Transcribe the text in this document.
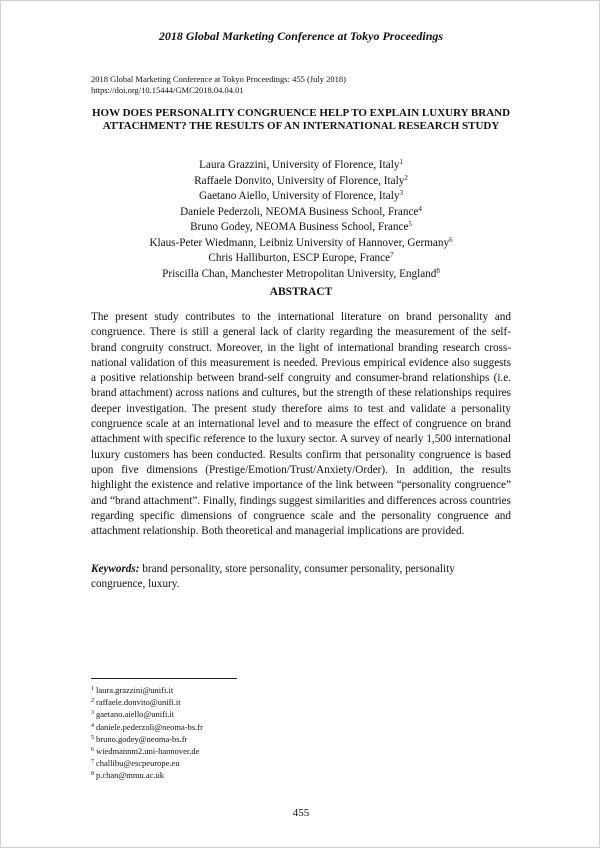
2018 Global Marketing Conference at Tokyo Proceedings
2018 Global Marketing Conference at Tokyo Proceedings: 455 (July 2018)
https://doi.org/10.15444/GMC2018.04.04.01
HOW DOES PERSONALITY CONGRUENCE HELP TO EXPLAIN LUXURY BRAND ATTACHMENT? THE RESULTS OF AN INTERNATIONAL RESEARCH STUDY
Laura Grazzini, University of Florence, Italy$^1$
Raffaele Donvito, University of Florence, Italy$^2$
Gaetano Aiello, University of Florence, Italy$^3$
Daniele Pederzoli, NEOMA Business School, France$^4$
Bruno Godey, NEOMA Business School, France$^5$
Klaus-Peter Wiedmann, Leibniz University of Hannover, Germany$^6$
Chris Halliburton, ESCP Europe, France$^7$
Priscilla Chan, Manchester Metropolitan University, England$^8$
ABSTRACT

The present study contributes to the international literature on brand personality and congruence. There is still a general lack of clarity regarding the measurement of the self-brand congruity construct. Moreover, in the light of international branding research cross-national validation of this measurement is needed. Previous empirical evidence also suggests a positive relationship between brand-self congruity and consumer-brand relationships (i.e. brand attachment) across nations and cultures, but the strength of these relationships requires deeper investigation. The present study therefore aims to test and validate a personality congruence scale at an international level and to measure the effect of congruence on brand attachment with specific reference to the luxury sector. A survey of nearly 1,500 international luxury customers has been conducted. Results confirm that personality congruence is based upon five dimensions (Prestige/Emotion/Trust/Anxiety/Order). In addition, the results highlight the existence and relative importance of the link between “personality congruence” and “brand attachment”. Finally, findings suggest similarities and differences across countries regarding specific dimensions of congruence scale and the personality congruence and attachment relationship. Both theoretical and managerial implications are provided.

Keywords: brand personality, store personality, consumer personality, personality congruence, luxury.

$^1$ laura.grazzini@unifi.it
$^2$ raffaele.donvito@unifi.it
$^3$ gaetano.aiello@unifi.it
$^4$ daniele.pederzoli@neoma-bs.fr
$^5$ bruno.godey@neoma-bs.fr
$^6$ wiedmannm2.uni-hannover.de
$^7$ challibu@escpeurope.eu
$^8$ p.chan@mmu.ac.uk
455
